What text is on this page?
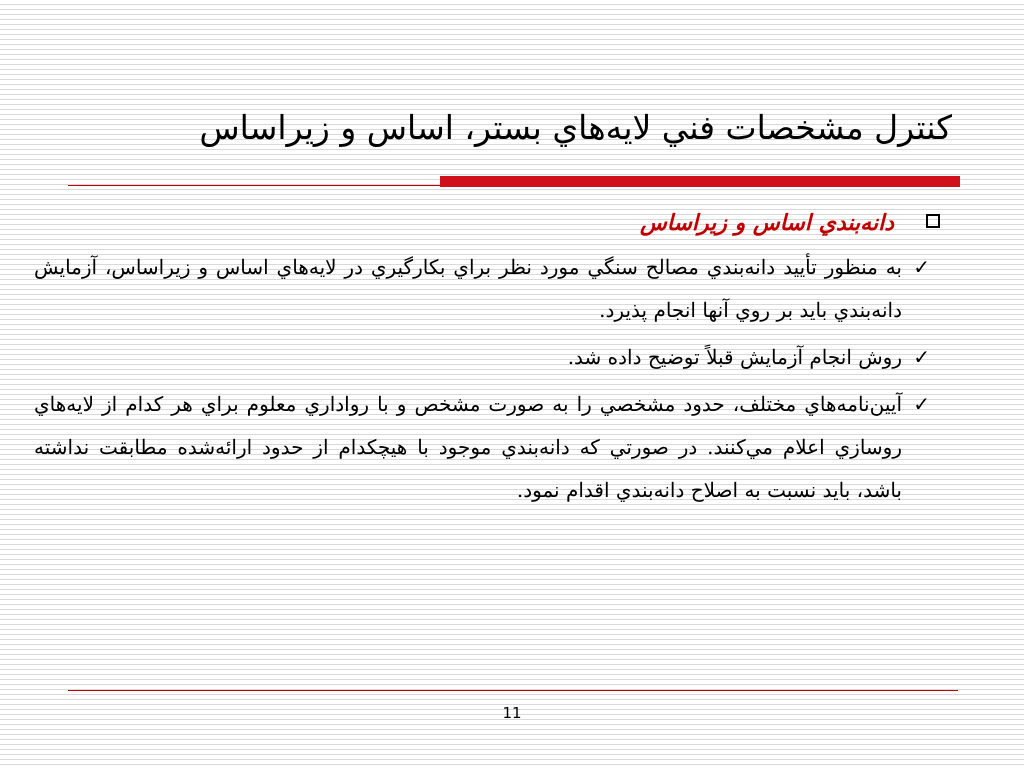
كنترل مشخصات فني لايه‌هاي بستر، اساس و زيراساس
دانه‌بندي اساس و زيراساس
✓
به منظور تأييد دانه‌بندي مصالح سنگي مورد نظر براي بكارگيري در لايه‌هاي اساس و زيراساس، آزمايش دانه‌بندي بايد بر روي آنها انجام پذيرد.
✓
روش انجام آزمايش قبلاً توضيح داده شد.
✓
آيين‌نامه‌هاي مختلف، حدود مشخصي را به صورت مشخص و با رواداري معلوم براي هر كدام از لايه‌هاي روسازي اعلام مي‌كنند. در صورتي كه دانه‌بندي موجود با هيچكدام از حدود ارائه‌شده مطابقت نداشته باشد، بايد نسبت به اصلاح دانه‌بندي اقدام نمود.
11
